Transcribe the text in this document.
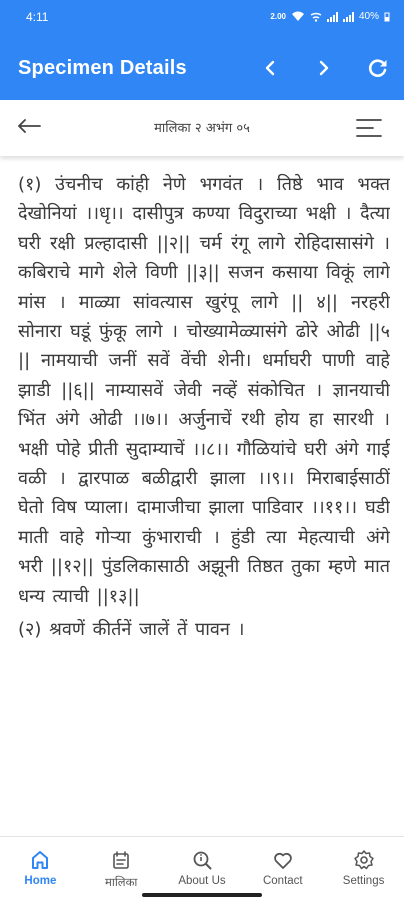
4:11	2.00	40%
Specimen Details
मालिका २ अभंग ०५

(१) उंचनीच कांही नेणे भगवंत । तिष्ठे भाव भक्त देखोनियां ।।धृ।। दासीपुत्र कण्या विदुराच्या भक्षी । दैत्या घरी रक्षी प्रल्हादासी ||२|| चर्म रंगू लागे रोहिदासासंगे । कबिराचे मागे शेले विणी ||३|| सजन कसाया विकूं लागे मांस । माळ्या सांवत्यास खुरंपू लागे || ४|| नरहरी सोनारा घडूं फुंकू लागे । चोख्यामेळ्यासंगे ढोरे ओढी ||५ || नामयाची जनीं सवें वेंची शेनी। धर्माघरी पाणी वाहे झाडी ||६|| नाम्यासवें जेवी नव्हें संकोचित । ज्ञानयाची भिंत अंगे ओढी ।।७।। अर्जुनाचें रथी होय हा सारथी । भक्षी पोहे प्रीती सुदाम्याचें ।।८।। गौळियांचे घरी अंगे गाई वळी । द्वारपाळ बळीद्वारी झाला ।।९।। मिराबाईसाठीं घेतो विष प्याला। दामाजीचा झाला पाडिवार ।।११।। घडी माती वाहे गोऱ्या कुंभाराची । हुंडी त्या मेहत्याची अंगे भरी ||१२|| पुंडलिकासाठी अझूनी तिष्ठत तुका म्हणे मात धन्य त्याची ||१३||

(२) श्रवणें कीर्तनें जालें तें पावन ।

Home	मालिका	About Us	Contact	Settings
